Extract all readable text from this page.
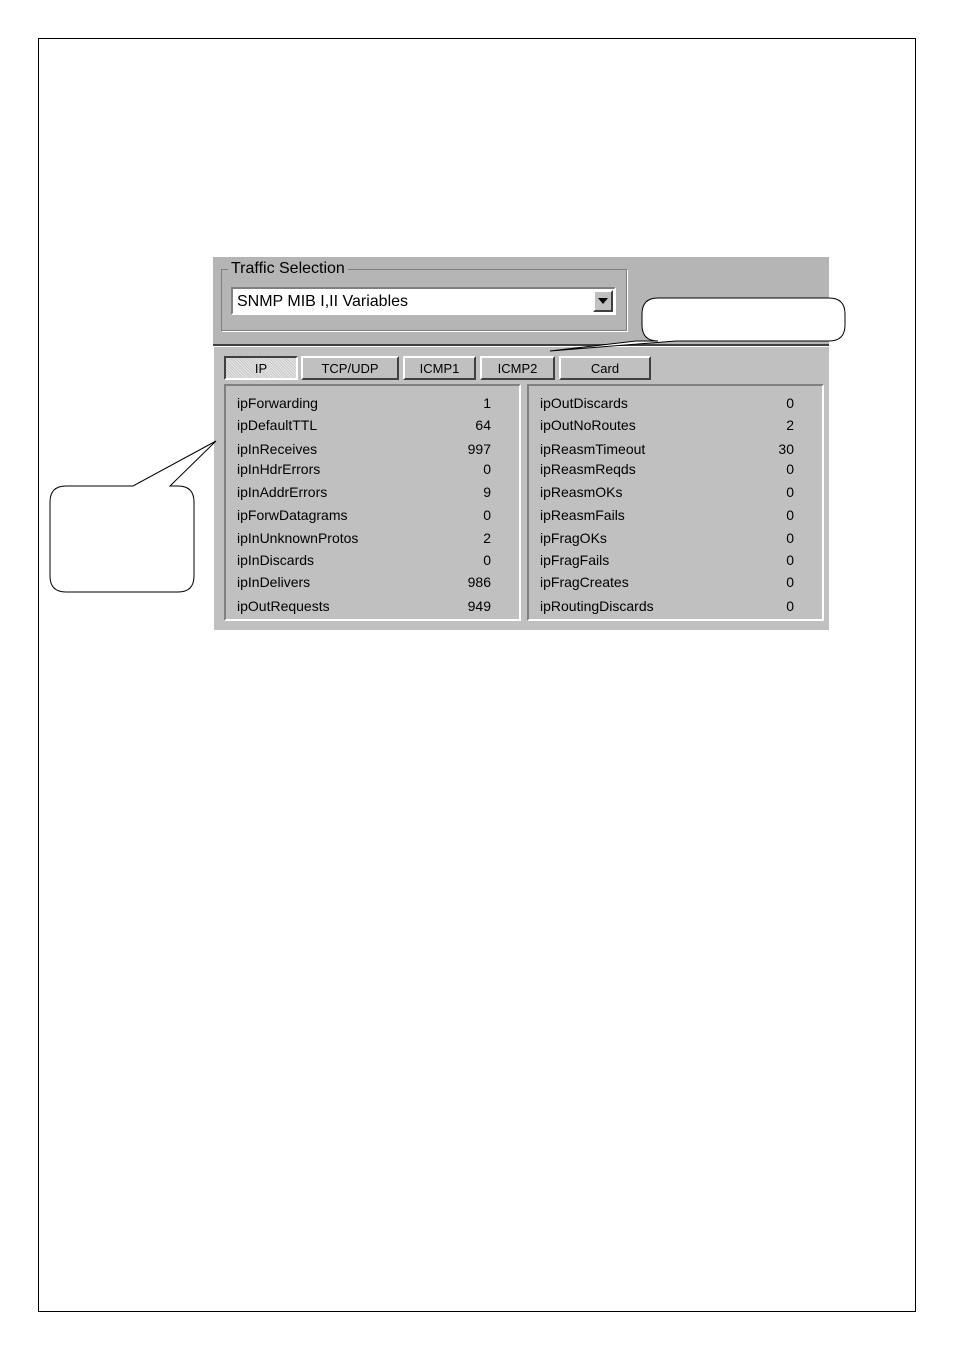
Traffic Selection
SNMP MIB I,II Variables
IP	TCP/UDP	ICMP1	ICMP2	Card
ipForwarding	1
ipDefaultTTL	64
ipInReceives	997
ipInHdrErrors	0
ipInAddrErrors	9
ipForwDatagrams	0
ipInUnknownProtos	2
ipInDiscards	0
ipInDelivers	986
ipOutRequests	949
ipOutDiscards	0
ipOutNoRoutes	2
ipReasmTimeout	30
ipReasmReqds	0
ipReasmOKs	0
ipReasmFails	0
ipFragOKs	0
ipFragFails	0
ipFragCreates	0
ipRoutingDiscards	0
